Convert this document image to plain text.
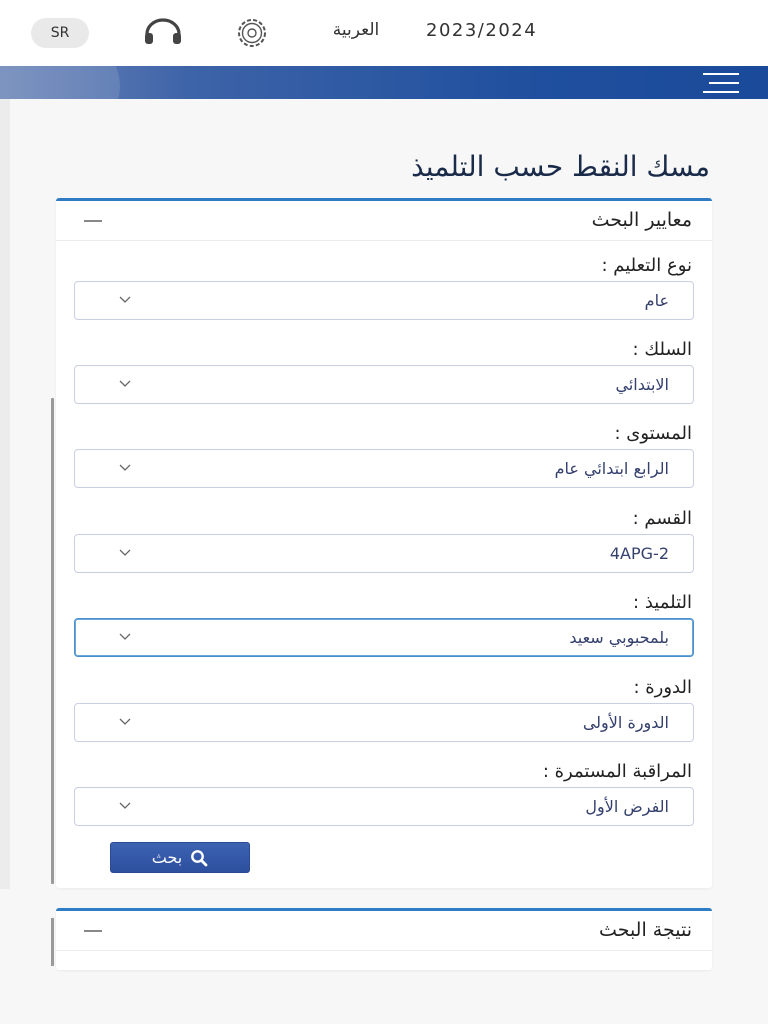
SR	العربية	2023/2024
مسك النقط حسب التلميذ
معايير البحث
نوع التعليم :
عام
السلك :
الابتدائي
المستوى :
الرابع ابتدائي عام
القسم :
4APG-2
التلميذ :
بلمحبوبي سعيد
الدورة :
الدورة الأولى
المراقبة المستمرة :
الفرض الأول
بحث
نتيجة البحث
